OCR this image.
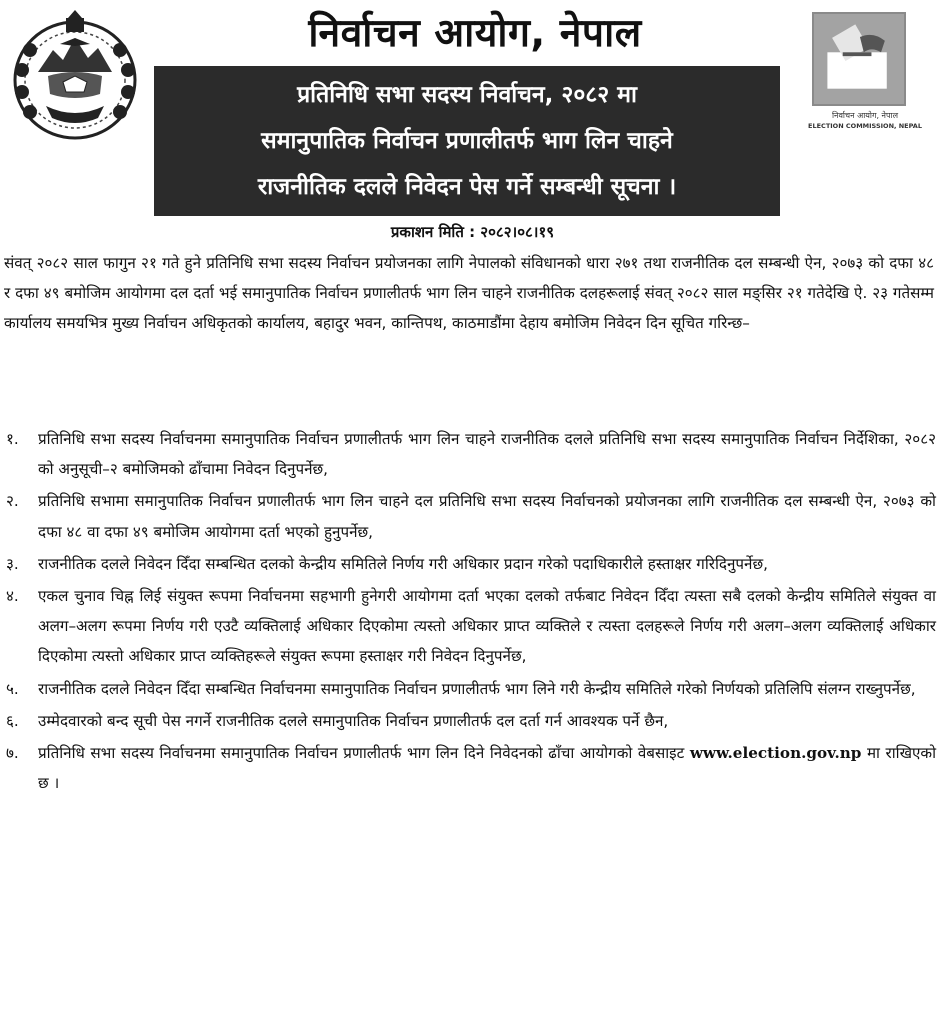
निर्वाचन आयोग, नेपाल
प्रतिनिधि सभा सदस्य निर्वाचन, २०८२ मा
समानुपातिक निर्वाचन प्रणालीतर्फ भाग लिन चाहने
राजनीतिक दलले निवेदन पेस गर्ने सम्बन्धी सूचना ।
निर्वाचन आयोग, नेपाल
ELECTION COMMISSION, NEPAL
प्रकाशन मिति : २०८२।०८।१९

संवत् २०८२ साल फागुन २१ गते हुने प्रतिनिधि सभा सदस्य निर्वाचन प्रयोजनका लागि नेपालको संविधानको धारा २७१ तथा राजनीतिक दल सम्बन्धी ऐन, २०७३ को दफा ४८ र दफा ४९ बमोजिम आयोगमा दल दर्ता भई समानुपातिक निर्वाचन प्रणालीतर्फ भाग लिन चाहने राजनीतिक दलहरूलाई संवत् २०८२ साल मङ्सिर २१ गतेदेखि ऐ. २३ गतेसम्म कार्यालय समयभित्र मुख्य निर्वाचन अधिकृतको कार्यालय, बहादुर भवन, कान्तिपथ, काठमाडौंमा देहाय बमोजिम निवेदन दिन सूचित गरिन्छ–

१.	प्रतिनिधि सभा सदस्य निर्वाचनमा समानुपातिक निर्वाचन प्रणालीतर्फ भाग लिन चाहने राजनीतिक दलले प्रतिनिधि सभा सदस्य समानुपातिक निर्वाचन निर्देशिका, २०८२ को अनुसूची–२ बमोजिमको ढाँचामा निवेदन दिनुपर्नेछ,
२.	प्रतिनिधि सभामा समानुपातिक निर्वाचन प्रणालीतर्फ भाग लिन चाहने दल प्रतिनिधि सभा सदस्य निर्वाचनको प्रयोजनका लागि राजनीतिक दल सम्बन्धी ऐन, २०७३ को दफा ४८ वा दफा ४९ बमोजिम आयोगमा दर्ता भएको हुनुपर्नेछ,
३.	राजनीतिक दलले निवेदन दिँदा सम्बन्धित दलको केन्द्रीय समितिले निर्णय गरी अधिकार प्रदान गरेको पदाधिकारीले हस्ताक्षर गरिदिनुपर्नेछ,
४.	एकल चुनाव चिह्न लिई संयुक्त रूपमा निर्वाचनमा सहभागी हुनेगरी आयोगमा दर्ता भएका दलको तर्फबाट निवेदन दिँदा त्यस्ता सबै दलको केन्द्रीय समितिले संयुक्त वा अलग–अलग रूपमा निर्णय गरी एउटै व्यक्तिलाई अधिकार दिएकोमा त्यस्तो अधिकार प्राप्त व्यक्तिले र त्यस्ता दलहरूले निर्णय गरी अलग–अलग व्यक्तिलाई अधिकार दिएकोमा त्यस्तो अधिकार प्राप्त व्यक्तिहरूले संयुक्त रूपमा हस्ताक्षर गरी निवेदन दिनुपर्नेछ,
५.	राजनीतिक दलले निवेदन दिँदा सम्बन्धित निर्वाचनमा समानुपातिक निर्वाचन प्रणालीतर्फ भाग लिने गरी केन्द्रीय समितिले गरेको निर्णयको प्रतिलिपि संलग्न राख्नुपर्नेछ,
६.	उम्मेदवारको बन्द सूची पेस नगर्ने राजनीतिक दलले समानुपातिक निर्वाचन प्रणालीतर्फ दल दर्ता गर्न आवश्यक पर्ने छैन,
७.	प्रतिनिधि सभा सदस्य निर्वाचनमा समानुपातिक निर्वाचन प्रणालीतर्फ भाग लिन दिने निवेदनको ढाँचा आयोगको वेबसाइट www.election.gov.np मा राखिएको छ ।
